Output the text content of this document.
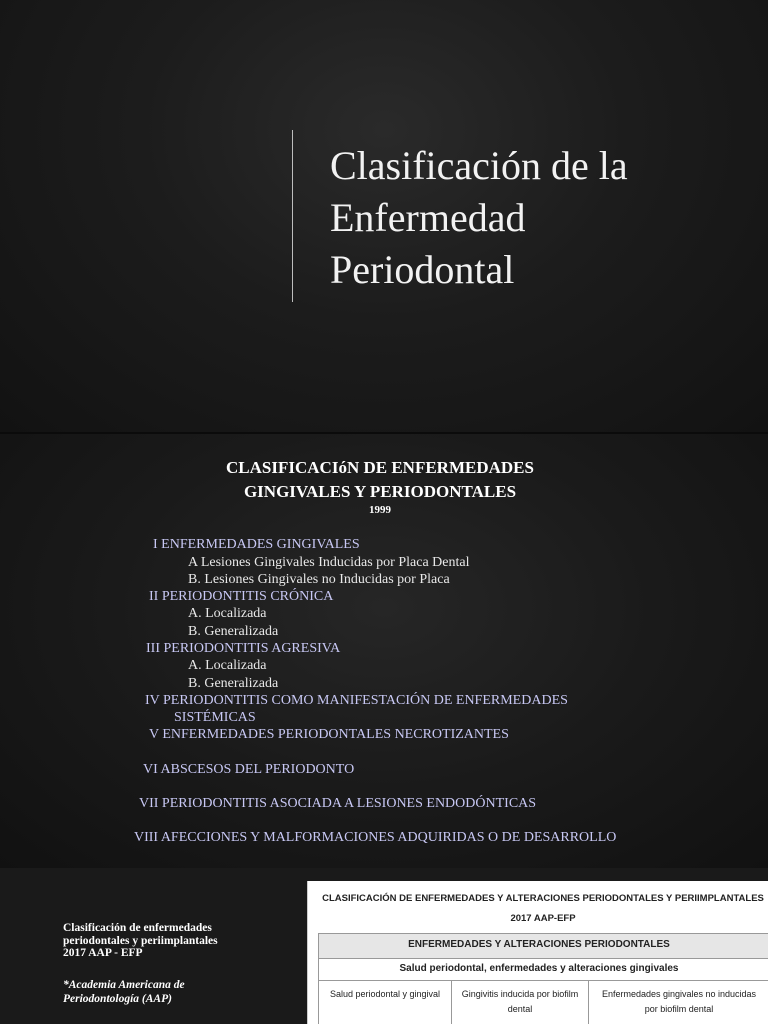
Clasificación de la
Enfermedad
Periodontal
CLASIFICACIóN DE ENFERMEDADES
GINGIVALES Y PERIODONTALES
1999
I ENFERMEDADES GINGIVALES
A Lesiones Gingivales Inducidas por Placa Dental
B. Lesiones Gingivales no Inducidas por Placa
II PERIODONTITIS CRÓNICA
A. Localizada
B. Generalizada
III PERIODONTITIS AGRESIVA
A. Localizada
B. Generalizada
IV PERIODONTITIS COMO MANIFESTACIÓN DE ENFERMEDADES
SISTÉMICAS
V ENFERMEDADES PERIODONTALES NECROTIZANTES
VI ABSCESOS DEL PERIODONTO
VII PERIODONTITIS ASOCIADA A LESIONES ENDODÓNTICAS
VIII AFECCIONES Y MALFORMACIONES ADQUIRIDAS O DE DESARROLLO
Clasificación de enfermedades
periodontales y periimplantales
2017 AAP - EFP
*Academia Americana de
Periodontología (AAP)
CLASIFICACIÓN DE ENFERMEDADES Y ALTERACIONES PERIODONTALES Y PERIIMPLANTALES
2017 AAP-EFP
ENFERMEDADES Y ALTERACIONES PERIODONTALES
Salud periodontal, enfermedades y alteraciones gingivales
Salud periodontal y gingival	Gingivitis inducida por biofilm
dental
Enfermedades gingivales no inducidas
por biofilm dental
